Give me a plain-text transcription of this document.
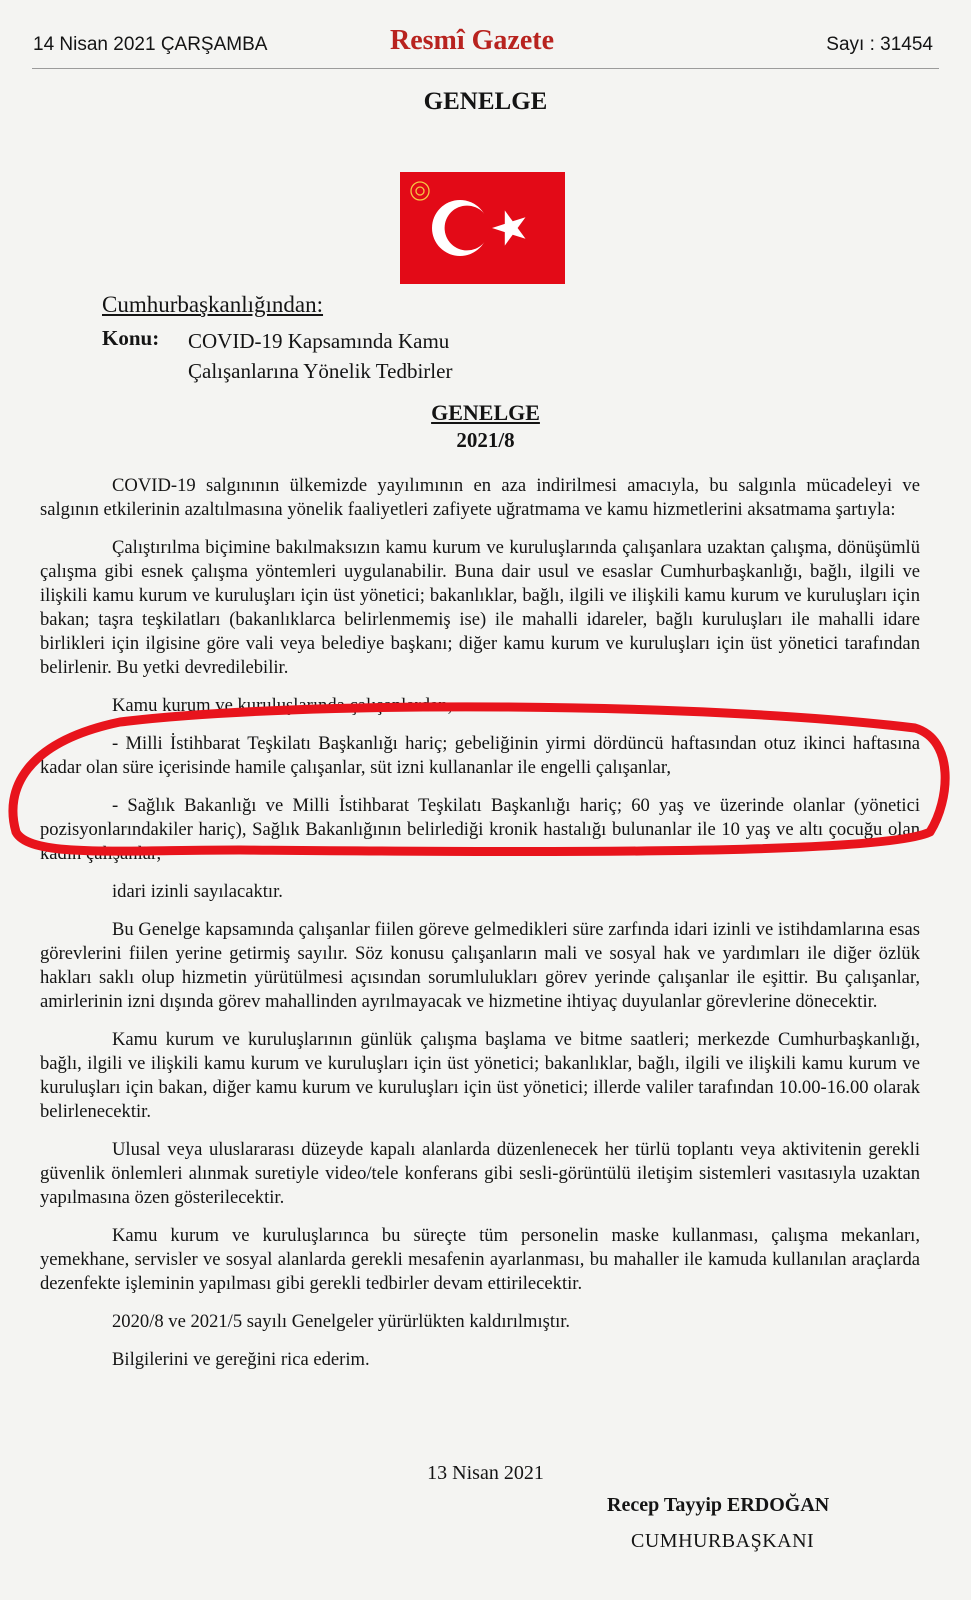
14 Nisan 2021 ÇARŞAMBA	Resmî Gazete	Sayı : 31454
GENELGE
Cumhurbaşkanlığından:
Konu: COVID-19 Kapsamında Kamu Çalışanlarına Yönelik Tedbirler
GENELGE
2021/8

COVID-19 salgınının ülkemizde yayılımının en aza indirilmesi amacıyla, bu salgınla mücadeleyi ve salgının etkilerinin azaltılmasına yönelik faaliyetleri zafiyete uğratmama ve kamu hizmetlerini aksatmama şartıyla:

Çalıştırılma biçimine bakılmaksızın kamu kurum ve kuruluşlarında çalışanlara uzaktan çalışma, dönüşümlü çalışma gibi esnek çalışma yöntemleri uygulanabilir. Buna dair usul ve esaslar Cumhurbaşkanlığı, bağlı, ilgili ve ilişkili kamu kurum ve kuruluşları için üst yönetici; bakanlıklar, bağlı, ilgili ve ilişkili kamu kurum ve kuruluşları için bakan; taşra teşkilatları (bakanlıklarca belirlenmemiş ise) ile mahalli idareler, bağlı kuruluşları ile mahalli idare birlikleri için ilgisine göre vali veya belediye başkanı; diğer kamu kurum ve kuruluşları için üst yönetici tarafından belirlenir. Bu yetki devredilebilir.

Kamu kurum ve kuruluşlarında çalışanlardan,

- Milli İstihbarat Teşkilatı Başkanlığı hariç; gebeliğinin yirmi dördüncü haftasından otuz ikinci haftasına kadar olan süre içerisinde hamile çalışanlar, süt izni kullananlar ile engelli çalışanlar,

- Sağlık Bakanlığı ve Milli İstihbarat Teşkilatı Başkanlığı hariç; 60 yaş ve üzerinde olanlar (yönetici pozisyonlarındakiler hariç), Sağlık Bakanlığının belirlediği kronik hastalığı bulunanlar ile 10 yaş ve altı çocuğu olan kadın çalışanlar,

idari izinli sayılacaktır.

Bu Genelge kapsamında çalışanlar fiilen göreve gelmedikleri süre zarfında idari izinli ve istihdamlarına esas görevlerini fiilen yerine getirmiş sayılır. Söz konusu çalışanların mali ve sosyal hak ve yardımları ile diğer özlük hakları saklı olup hizmetin yürütülmesi açısından sorumlulukları görev yerinde çalışanlar ile eşittir. Bu çalışanlar, amirlerinin izni dışında görev mahallinden ayrılmayacak ve hizmetine ihtiyaç duyulanlar görevlerine dönecektir.

Kamu kurum ve kuruluşlarının günlük çalışma başlama ve bitme saatleri; merkezde Cumhurbaşkanlığı, bağlı, ilgili ve ilişkili kamu kurum ve kuruluşları için üst yönetici; bakanlıklar, bağlı, ilgili ve ilişkili kamu kurum ve kuruluşları için bakan, diğer kamu kurum ve kuruluşları için üst yönetici; illerde valiler tarafından 10.00-16.00 olarak belirlenecektir.

Ulusal veya uluslararası düzeyde kapalı alanlarda düzenlenecek her türlü toplantı veya aktivitenin gerekli güvenlik önlemleri alınmak suretiyle video/tele konferans gibi sesli-görüntülü iletişim sistemleri vasıtasıyla uzaktan yapılmasına özen gösterilecektir.

Kamu kurum ve kuruluşlarınca bu süreçte tüm personelin maske kullanması, çalışma mekanları, yemekhane, servisler ve sosyal alanlarda gerekli mesafenin ayarlanması, bu mahaller ile kamuda kullanılan araçlarda dezenfekte işleminin yapılması gibi gerekli tedbirler devam ettirilecektir.

2020/8 ve 2021/5 sayılı Genelgeler yürürlükten kaldırılmıştır.

Bilgilerini ve gereğini rica ederim.

13 Nisan 2021
Recep Tayyip ERDOĞAN
CUMHURBAŞKANI
